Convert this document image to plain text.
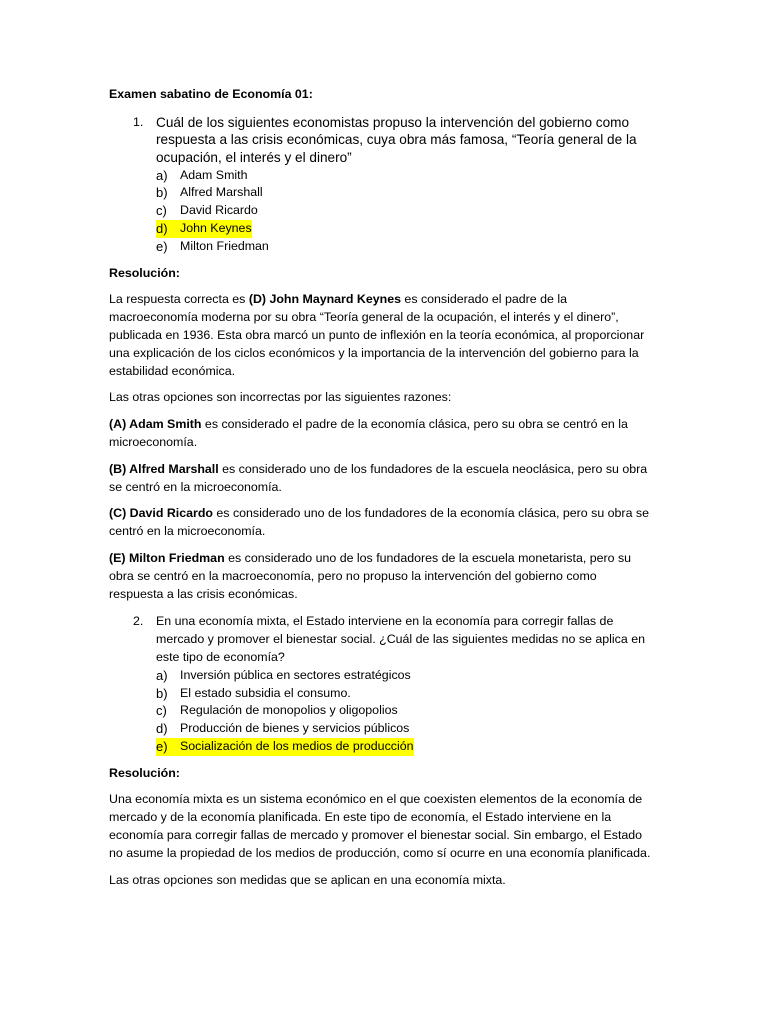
Examen sabatino de Economía 01:
1. Cuál de los siguientes economistas propuso la intervención del gobierno como respuesta a las crisis económicas, cuya obra más famosa, “Teoría general de la ocupación, el interés y el dinero”
a)	Adam Smith
b)	Alfred Marshall
c)	David Ricardo
d)	John Keynes
e)	Milton Friedman
Resolución:

La respuesta correcta es (D) John Maynard Keynes es considerado el padre de la macroeconomía moderna por su obra “Teoría general de la ocupación, el interés y el dinero”, publicada en 1936. Esta obra marcó un punto de inflexión en la teoría económica, al proporcionar una explicación de los ciclos económicos y la importancia de la intervención del gobierno para la estabilidad económica.

Las otras opciones son incorrectas por las siguientes razones:

(A) Adam Smith es considerado el padre de la economía clásica, pero su obra se centró en la microeconomía.

(B) Alfred Marshall es considerado uno de los fundadores de la escuela neoclásica, pero su obra se centró en la microeconomía.

(C) David Ricardo es considerado uno de los fundadores de la economía clásica, pero su obra se centró en la microeconomía.

(E) Milton Friedman es considerado uno de los fundadores de la escuela monetarista, pero su obra se centró en la macroeconomía, pero no propuso la intervención del gobierno como respuesta a las crisis económicas.

2.	En una economía mixta, el Estado interviene en la economía para corregir fallas de mercado y promover el bienestar social. ¿Cuál de las siguientes medidas no se aplica en este tipo de economía?
a)	Inversión pública en sectores estratégicos
b)	El estado subsidia el consumo.
c)	Regulación de monopolios y oligopolios
d)	Producción de bienes y servicios públicos
e)	Socialización de los medios de producción
Resolución:

Una economía mixta es un sistema económico en el que coexisten elementos de la economía de mercado y de la economía planificada. En este tipo de economía, el Estado interviene en la economía para corregir fallas de mercado y promover el bienestar social. Sin embargo, el Estado no asume la propiedad de los medios de producción, como sí ocurre en una economía planificada.

Las otras opciones son medidas que se aplican en una economía mixta.
